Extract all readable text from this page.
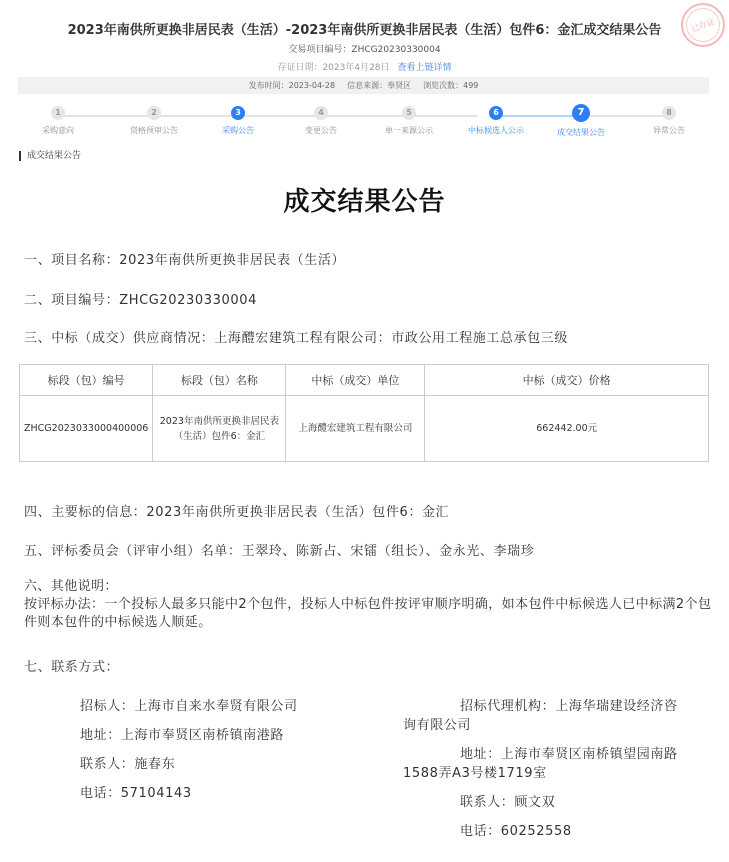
2023年南供所更换非居民表（生活）-2023年南供所更换非居民表（生活）包件6：金汇成交结果公告
交易项目编号：ZHCG20230330004
存证日期：2023年4月28日 查看上链详情
已存证
发布时间：2023-04-28 信息来源：奉贤区 浏览次数：499
1
采购意向
2
资格预审公告
3
采购公告
4
变更公告
5
单一来源公示
6
中标候选人公示
7
成交结果公告
8
异常公告
成交结果公告
成交结果公告
一、项目名称：2023年南供所更换非居民表（生活）
二、项目编号：ZHCG20230330004
三、中标（成交）供应商情况：上海醴宏建筑工程有限公司：市政公用工程施工总承包三级
标段（包）编号	标段（包）名称	中标（成交）单位	中标（成交）价格
ZHCG2023033000400006	2023年南供所更换非居民表（生活）包件6：金汇	上海醴宏建筑工程有限公司	662442.00元
四、主要标的信息：2023年南供所更换非居民表（生活）包件6：金汇
五、评标委员会（评审小组）名单：王翠玲、陈新占、宋镭（组长）、金永光、李瑞珍
六、其他说明：
按评标办法：一个投标人最多只能中2个包件，投标人中标包件按评审顺序明确，如本包件中标候选人已中标满2个包件则本包件的中标候选人顺延。
七、联系方式：
招标人：上海市自来水奉贤有限公司
地址：上海市奉贤区南桥镇南港路
联系人：施春东
电话：57104143
招标代理机构：上海华瑞建设经济咨
询有限公司
地址：上海市奉贤区南桥镇望园南路
1588弄A3号楼1719室
联系人：顾文双
电话：60252558
